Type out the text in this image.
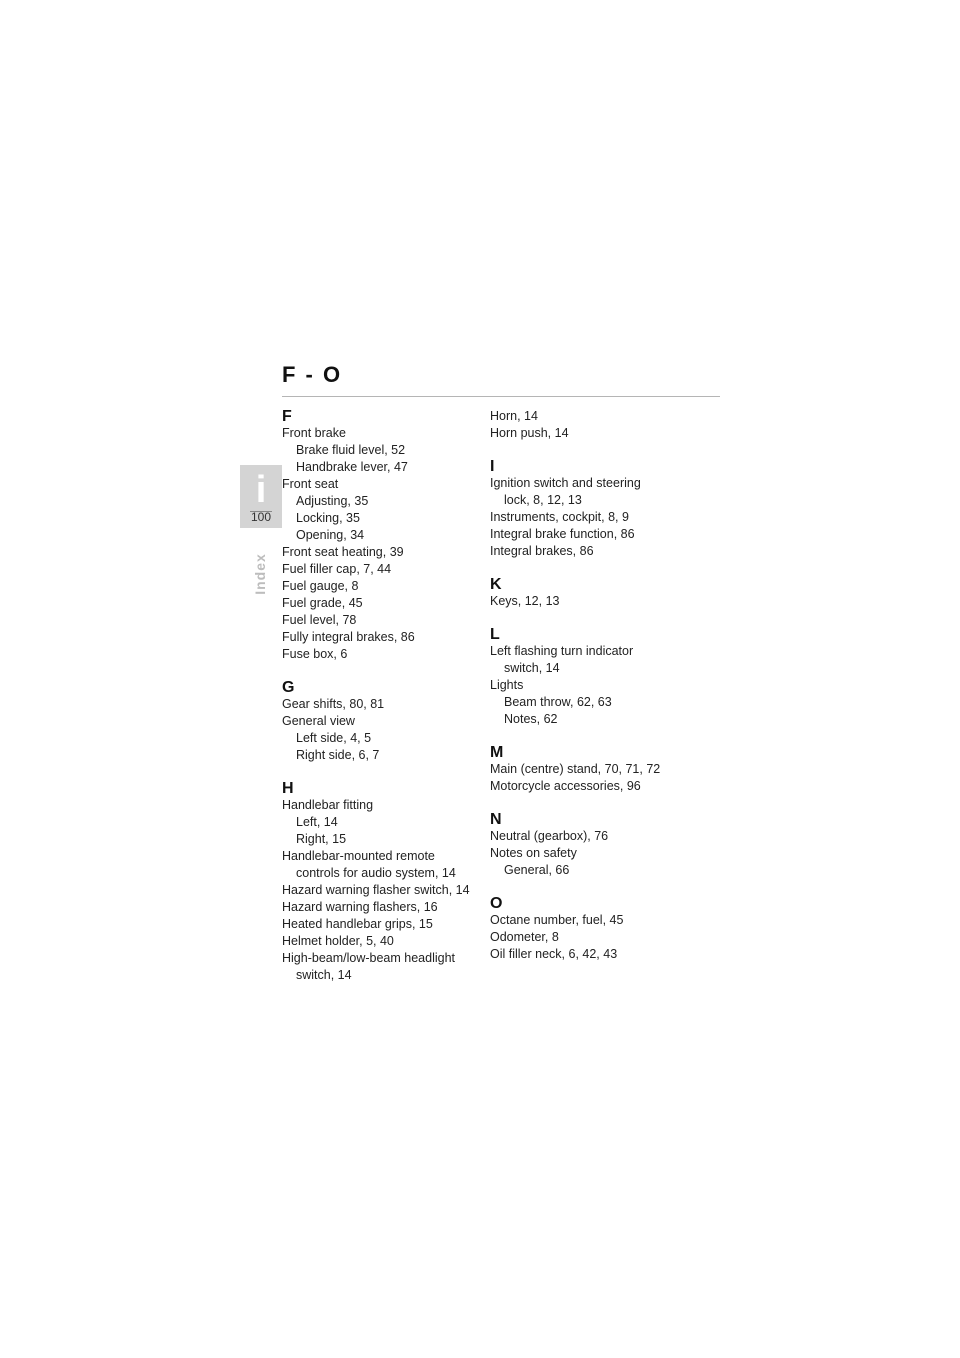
F - O
i
100
Index
F
Front brake
Brake fluid level, 52
Handbrake lever, 47
Front seat
Adjusting, 35
Locking, 35
Opening, 34
Front seat heating, 39
Fuel filler cap, 7, 44
Fuel gauge, 8
Fuel grade, 45
Fuel level, 78
Fully integral brakes, 86
Fuse box, 6
G
Gear shifts, 80, 81
General view
Left side, 4, 5
Right side, 6, 7
H
Handlebar fitting
Left, 14
Right, 15
Handlebar-mounted remote
controls for audio system, 14
Hazard warning flasher switch, 14
Hazard warning flashers, 16
Heated handlebar grips, 15
Helmet holder, 5, 40
High-beam/low-beam headlight
switch, 14
Horn, 14
Horn push, 14
I
Ignition switch and steering
lock, 8, 12, 13
Instruments, cockpit, 8, 9
Integral brake function, 86
Integral brakes, 86
K
Keys, 12, 13
L
Left flashing turn indicator
switch, 14
Lights
Beam throw, 62, 63
Notes, 62
M
Main (centre) stand, 70, 71, 72
Motorcycle accessories, 96
N
Neutral (gearbox), 76
Notes on safety
General, 66
O
Octane number, fuel, 45
Odometer, 8
Oil filler neck, 6, 42, 43
